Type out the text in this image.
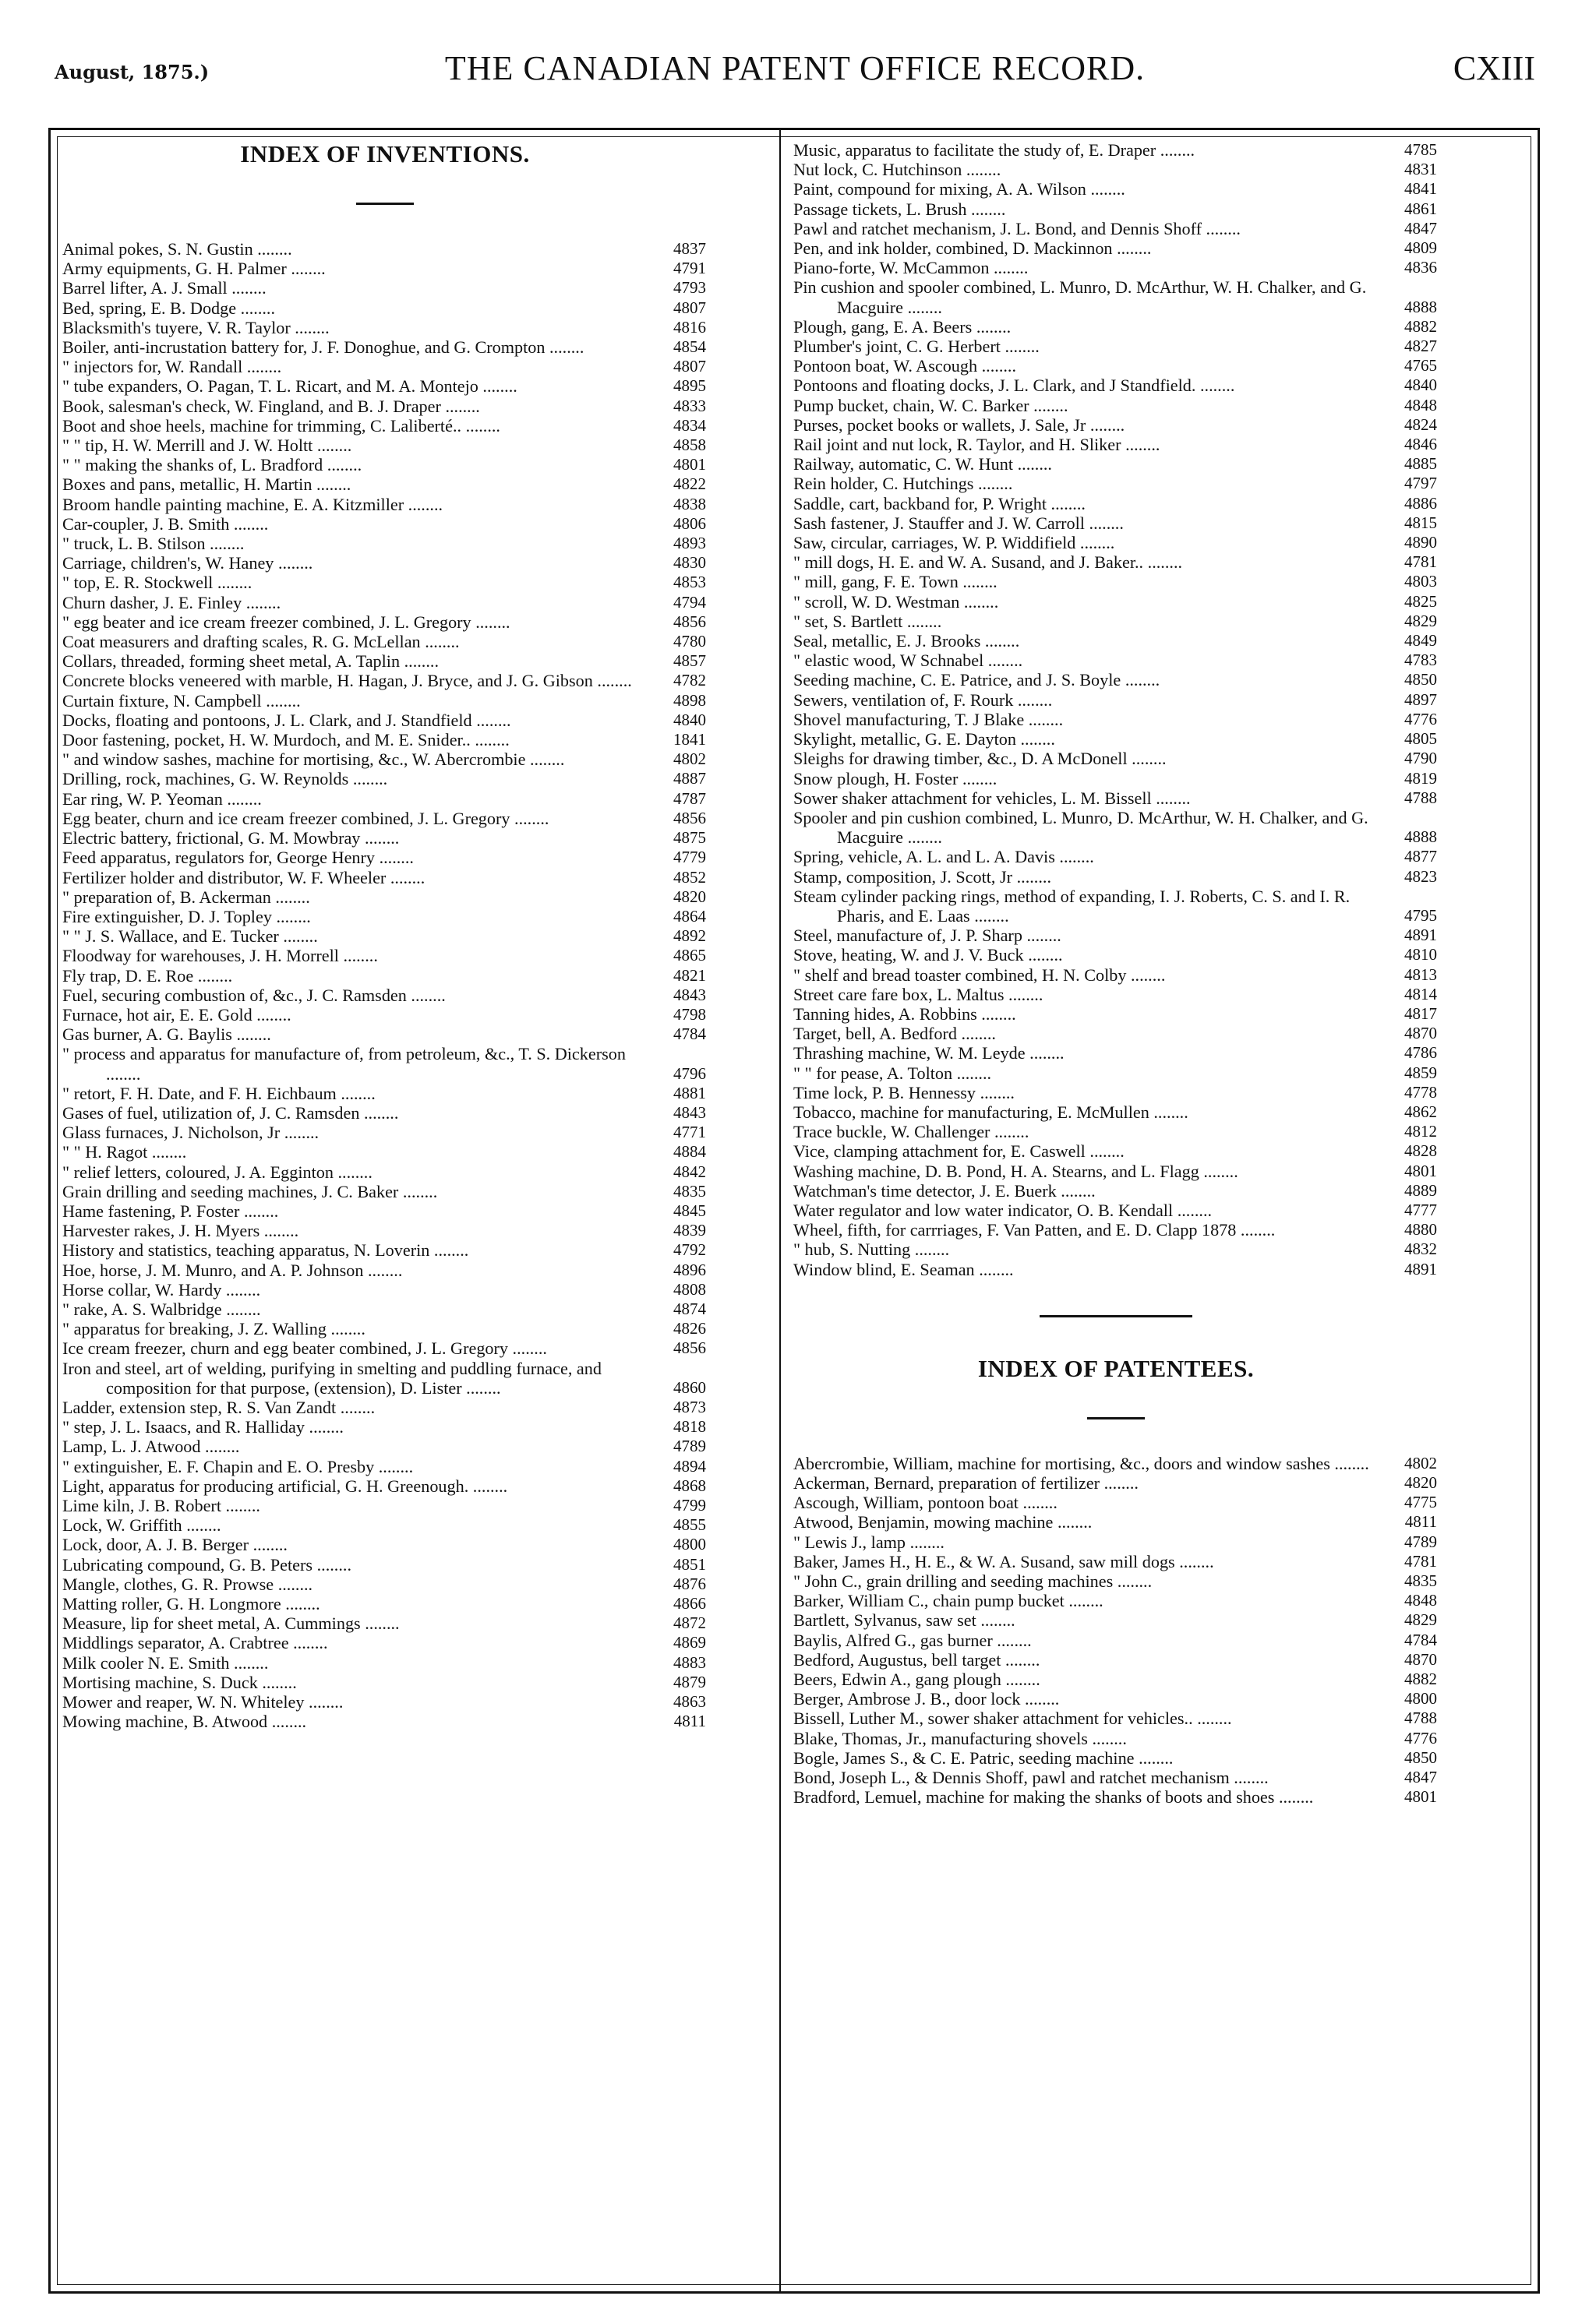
August, 1875.)	THE CANADIAN PATENT OFFICE RECORD.	CXIII
INDEX OF INVENTIONS.
Animal pokes, S. N. Gustin ........	4837
Army equipments, G. H. Palmer ........	4791
Barrel lifter, A. J. Small ........	4793
Bed, spring, E. B. Dodge ........	4807
Blacksmith's tuyere, V. R. Taylor ........	4816
Boiler, anti-incrustation battery for, J. F. Donoghue, and G. Crompton ........	4854
" injectors for, W. Randall ........	4807
" tube expanders, O. Pagan, T. L. Ricart, and M. A. Montejo ........	4895
Book, salesman's check, W. Fingland, and B. J. Draper ........	4833
Boot and shoe heels, machine for trimming, C. Laliberté.. ........	4834
" " tip, H. W. Merrill and J. W. Holtt ........	4858
" " making the shanks of, L. Bradford ........	4801
Boxes and pans, metallic, H. Martin ........	4822
Broom handle painting machine, E. A. Kitzmiller ........	4838
Car-coupler, J. B. Smith ........	4806
" truck, L. B. Stilson ........	4893
Carriage, children's, W. Haney ........	4830
" top, E. R. Stockwell ........	4853
Churn dasher, J. E. Finley ........	4794
" egg beater and ice cream freezer combined, J. L. Gregory ........	4856
Coat measurers and drafting scales, R. G. McLellan ........	4780
Collars, threaded, forming sheet metal, A. Taplin ........	4857
Concrete blocks veneered with marble, H. Hagan, J. Bryce, and J. G. Gibson ........	4782
Curtain fixture, N. Campbell ........	4898
Docks, floating and pontoons, J. L. Clark, and J. Standfield ........	4840
Door fastening, pocket, H. W. Murdoch, and M. E. Snider.. ........	1841
" and window sashes, machine for mortising, &c., W. Abercrombie ........	4802
Drilling, rock, machines, G. W. Reynolds ........	4887
Ear ring, W. P. Yeoman ........	4787
Egg beater, churn and ice cream freezer combined, J. L. Gregory ........	4856
Electric battery, frictional, G. M. Mowbray ........	4875
Feed apparatus, regulators for, George Henry ........	4779
Fertilizer holder and distributor, W. F. Wheeler ........	4852
" preparation of, B. Ackerman ........	4820
Fire extinguisher, D. J. Topley ........	4864
" " J. S. Wallace, and E. Tucker ........	4892
Floodway for warehouses, J. H. Morrell ........	4865
Fly trap, D. E. Roe ........	4821
Fuel, securing combustion of, &c., J. C. Ramsden ........	4843
Furnace, hot air, E. E. Gold ........	4798
Gas burner, A. G. Baylis ........	4784
" process and apparatus for manufacture of, from petroleum, &c., T. S. Dickerson ........	4796
" retort, F. H. Date, and F. H. Eichbaum ........	4881
Gases of fuel, utilization of, J. C. Ramsden ........	4843
Glass furnaces, J. Nicholson, Jr ........	4771
" " H. Ragot ........	4884
" relief letters, coloured, J. A. Egginton ........	4842
Grain drilling and seeding machines, J. C. Baker ........	4835
Hame fastening, P. Foster ........	4845
Harvester rakes, J. H. Myers ........	4839
History and statistics, teaching apparatus, N. Loverin ........	4792
Hoe, horse, J. M. Munro, and A. P. Johnson ........	4896
Horse collar, W. Hardy ........	4808
" rake, A. S. Walbridge ........	4874
" apparatus for breaking, J. Z. Walling ........	4826
Ice cream freezer, churn and egg beater combined, J. L. Gregory ........	4856
Iron and steel, art of welding, purifying in smelting and puddling furnace, and composition for that purpose, (extension), D. Lister ........	4860
Ladder, extension step, R. S. Van Zandt ........	4873
" step, J. L. Isaacs, and R. Halliday ........	4818
Lamp, L. J. Atwood ........	4789
" extinguisher, E. F. Chapin and E. O. Presby ........	4894
Light, apparatus for producing artificial, G. H. Greenough. ........	4868
Lime kiln, J. B. Robert ........	4799
Lock, W. Griffith ........	4855
Lock, door, A. J. B. Berger ........	4800
Lubricating compound, G. B. Peters ........	4851
Mangle, clothes, G. R. Prowse ........	4876
Matting roller, G. H. Longmore ........	4866
Measure, lip for sheet metal, A. Cummings ........	4872
Middlings separator, A. Crabtree ........	4869
Milk cooler N. E. Smith ........	4883
Mortising machine, S. Duck ........	4879
Mower and reaper, W. N. Whiteley ........	4863
Mowing machine, B. Atwood ........	4811
Music, apparatus to facilitate the study of, E. Draper ........	4785
Nut lock, C. Hutchinson ........	4831
Paint, compound for mixing, A. A. Wilson ........	4841
Passage tickets, L. Brush ........	4861
Pawl and ratchet mechanism, J. L. Bond, and Dennis Shoff ........	4847
Pen, and ink holder, combined, D. Mackinnon ........	4809
Piano-forte, W. McCammon ........	4836
Pin cushion and spooler combined, L. Munro, D. McArthur, W. H. Chalker, and G. Macguire ........	4888
Plough, gang, E. A. Beers ........	4882
Plumber's joint, C. G. Herbert ........	4827
Pontoon boat, W. Ascough ........	4765
Pontoons and floating docks, J. L. Clark, and J Standfield. ........	4840
Pump bucket, chain, W. C. Barker ........	4848
Purses, pocket books or wallets, J. Sale, Jr ........	4824
Rail joint and nut lock, R. Taylor, and H. Sliker ........	4846
Railway, automatic, C. W. Hunt ........	4885
Rein holder, C. Hutchings ........	4797
Saddle, cart, backband for, P. Wright ........	4886
Sash fastener, J. Stauffer and J. W. Carroll ........	4815
Saw, circular, carriages, W. P. Widdifield ........	4890
" mill dogs, H. E. and W. A. Susand, and J. Baker.. ........	4781
" mill, gang, F. E. Town ........	4803
" scroll, W. D. Westman ........	4825
" set, S. Bartlett ........	4829
Seal, metallic, E. J. Brooks ........	4849
" elastic wood, W Schnabel ........	4783
Seeding machine, C. E. Patrice, and J. S. Boyle ........	4850
Sewers, ventilation of, F. Rourk ........	4897
Shovel manufacturing, T. J Blake ........	4776
Skylight, metallic, G. E. Dayton ........	4805
Sleighs for drawing timber, &c., D. A McDonell ........	4790
Snow plough, H. Foster ........	4819
Sower shaker attachment for vehicles, L. M. Bissell ........	4788
Spooler and pin cushion combined, L. Munro, D. McArthur, W. H. Chalker, and G. Macguire ........	4888
Spring, vehicle, A. L. and L. A. Davis ........	4877
Stamp, composition, J. Scott, Jr ........	4823
Steam cylinder packing rings, method of expanding, I. J. Roberts, C. S. and I. R. Pharis, and E. Laas ........	4795
Steel, manufacture of, J. P. Sharp ........	4891
Stove, heating, W. and J. V. Buck ........	4810
" shelf and bread toaster combined, H. N. Colby ........	4813
Street care fare box, L. Maltus ........	4814
Tanning hides, A. Robbins ........	4817
Target, bell, A. Bedford ........	4870
Thrashing machine, W. M. Leyde ........	4786
" " for pease, A. Tolton ........	4859
Time lock, P. B. Hennessy ........	4778
Tobacco, machine for manufacturing, E. McMullen ........	4862
Trace buckle, W. Challenger ........	4812
Vice, clamping attachment for, E. Caswell ........	4828
Washing machine, D. B. Pond, H. A. Stearns, and L. Flagg ........	4801
Watchman's time detector, J. E. Buerk ........	4889
Water regulator and low water indicator, O. B. Kendall ........	4777
Wheel, fifth, for carrriages, F. Van Patten, and E. D. Clapp 1878 ........	4880
" hub, S. Nutting ........	4832
Window blind, E. Seaman ........	4891
INDEX OF PATENTEES.
Abercrombie, William, machine for mortising, &c., doors and window sashes ........	4802
Ackerman, Bernard, preparation of fertilizer ........	4820
Ascough, William, pontoon boat ........	4775
Atwood, Benjamin, mowing machine ........	4811
" Lewis J., lamp ........	4789
Baker, James H., H. E., & W. A. Susand, saw mill dogs ........	4781
" John C., grain drilling and seeding machines ........	4835
Barker, William C., chain pump bucket ........	4848
Bartlett, Sylvanus, saw set ........	4829
Baylis, Alfred G., gas burner ........	4784
Bedford, Augustus, bell target ........	4870
Beers, Edwin A., gang plough ........	4882
Berger, Ambrose J. B., door lock ........	4800
Bissell, Luther M., sower shaker attachment for vehicles.. ........	4788
Blake, Thomas, Jr., manufacturing shovels ........	4776
Bogle, James S., & C. E. Patric, seeding machine ........	4850
Bond, Joseph L., & Dennis Shoff, pawl and ratchet mechanism ........	4847
Bradford, Lemuel, machine for making the shanks of boots and shoes ........	4801
